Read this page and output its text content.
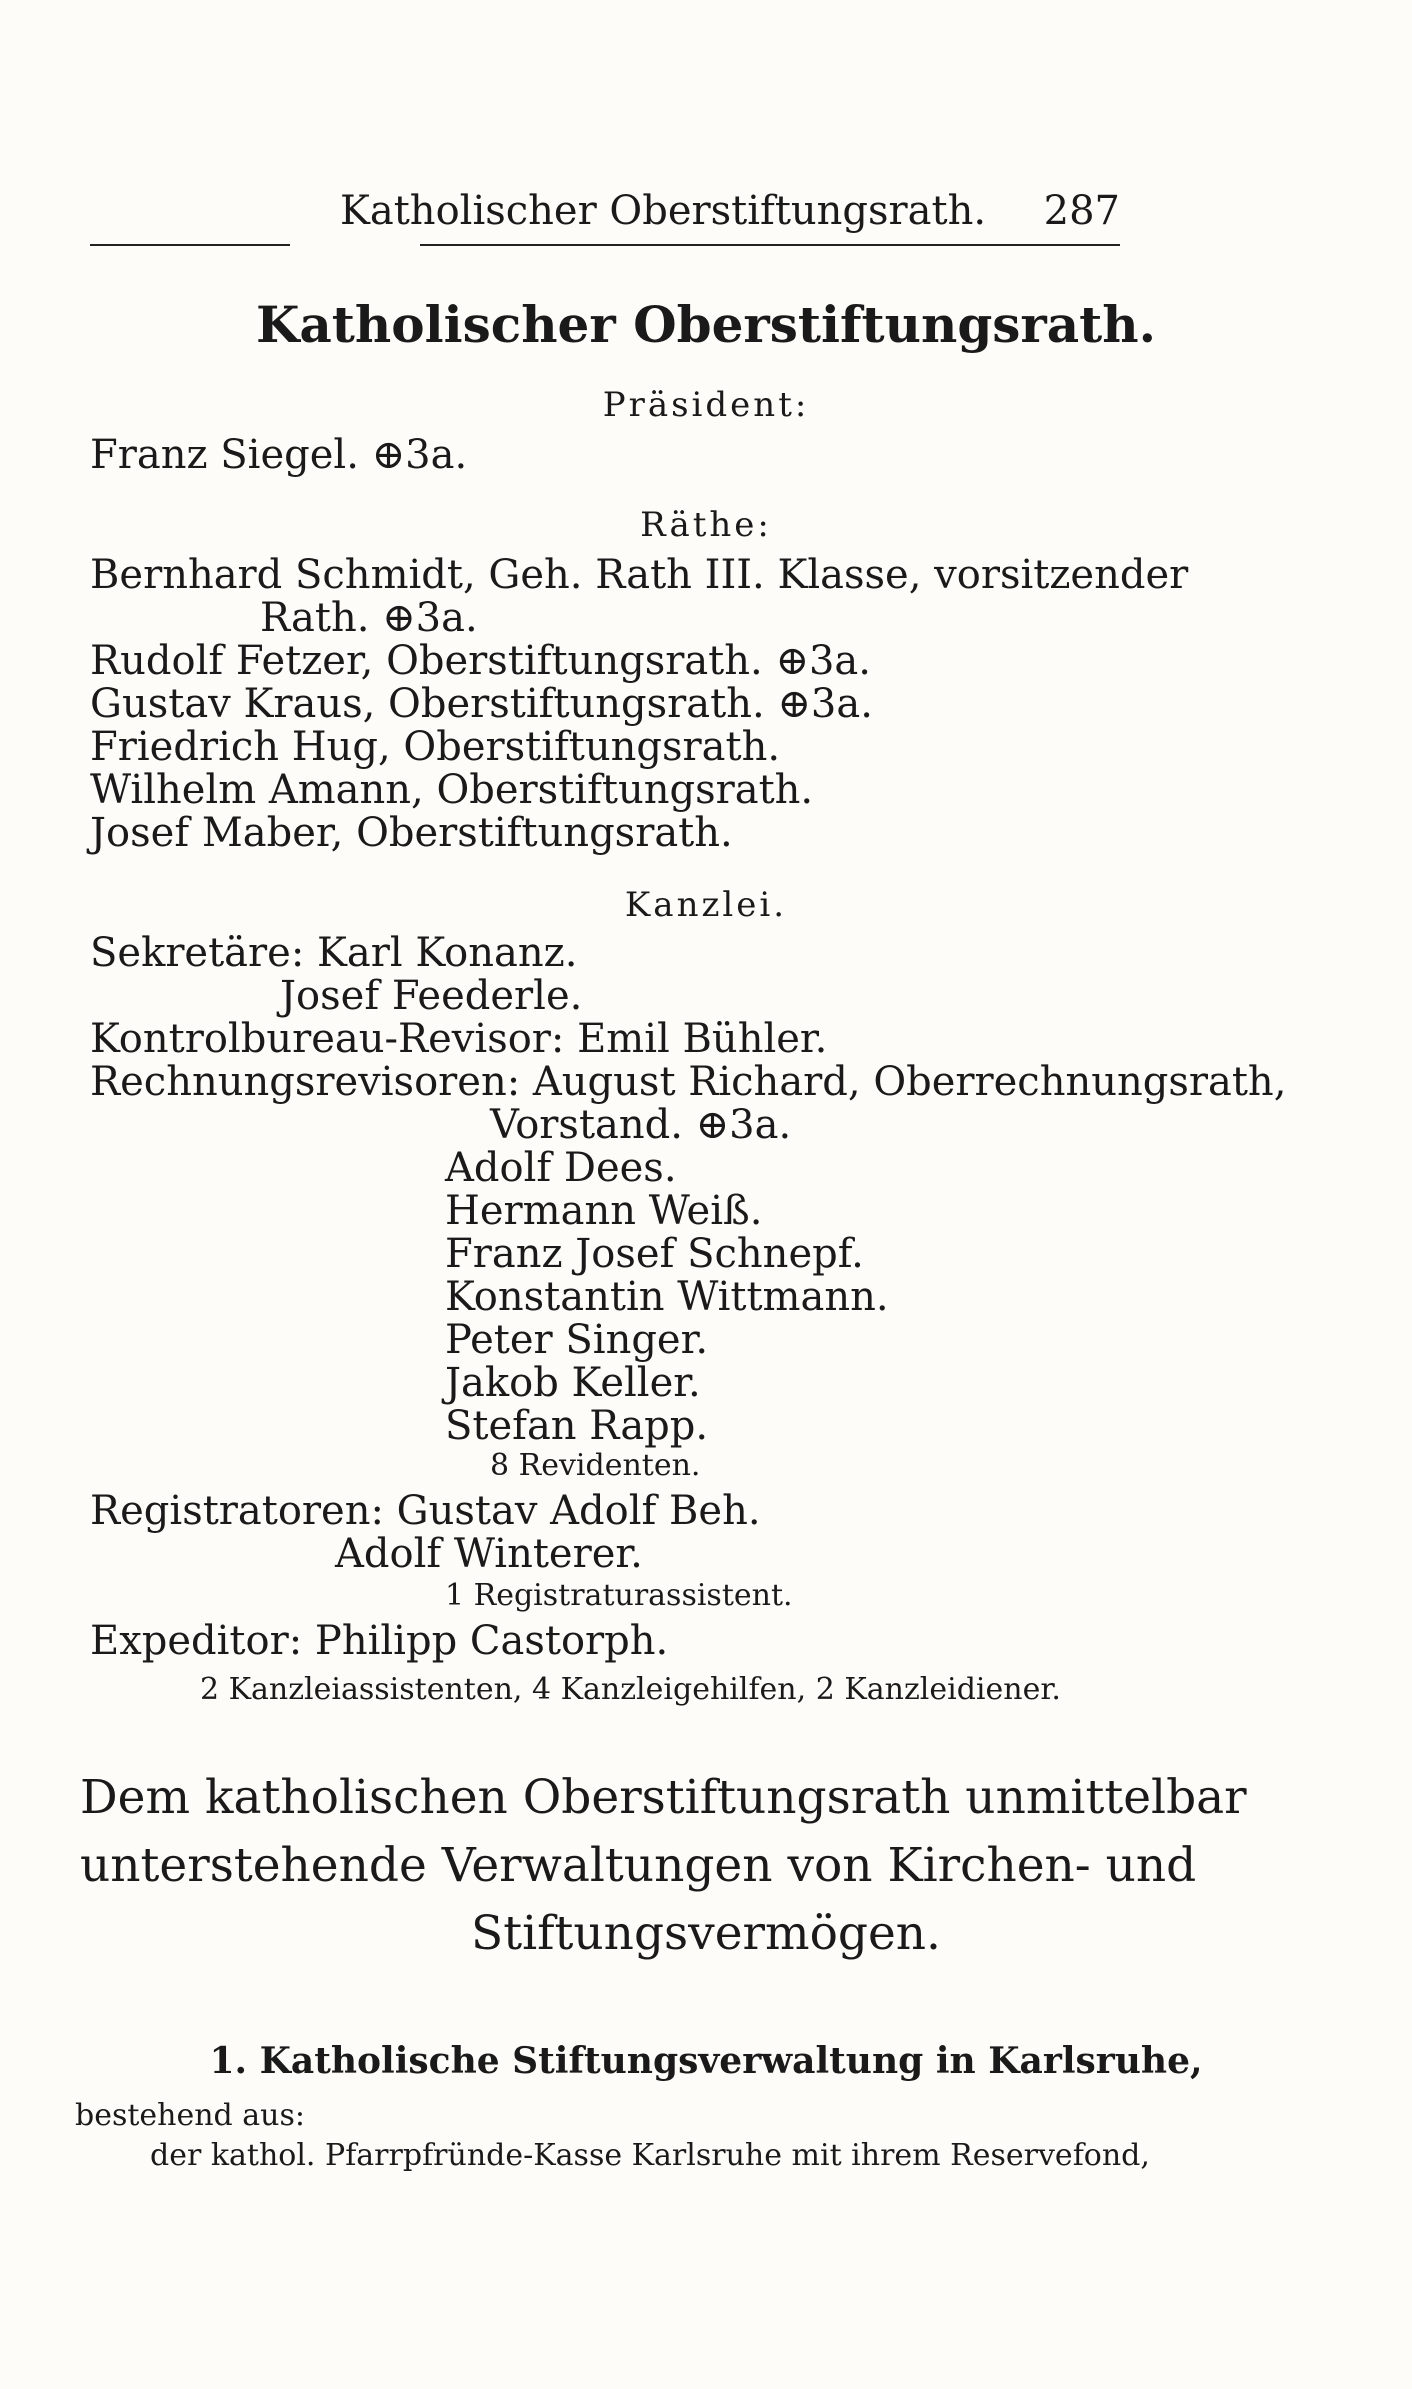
Katholischer Oberstiftungsrath. 287
Katholischer Oberstiftungsrath.
Präsident:
Franz Siegel. ⊕3a.
Räthe:
Bernhard Schmidt, Geh. Rath III. Klasse, vorsitzender
Rath. ⊕3a.
Rudolf Fetzer, Oberstiftungsrath. ⊕3a.
Gustav Kraus, Oberstiftungsrath. ⊕3a.
Friedrich Hug, Oberstiftungsrath.
Wilhelm Amann, Oberstiftungsrath.
Josef Maber, Oberstiftungsrath.
Kanzlei.
Sekretäre: Karl Konanz.
Josef Feederle.
Kontrolbureau-Revisor: Emil Bühler.
Rechnungsrevisoren: August Richard, Oberrechnungsrath,
Vorstand. ⊕3a.
Adolf Dees.
Hermann Weiß.
Franz Josef Schnepf.
Konstantin Wittmann.
Peter Singer.
Jakob Keller.
Stefan Rapp.
8 Revidenten.
Registratoren: Gustav Adolf Beh.
Adolf Winterer.
1 Registraturassistent.
Expeditor: Philipp Castorph.
2 Kanzleiassistenten, 4 Kanzleigehilfen, 2 Kanzleidiener.
Dem katholischen Oberstiftungsrath unmittelbar
unterstehende Verwaltungen von Kirchen- und
Stiftungsvermögen.
1. Katholische Stiftungsverwaltung in Karlsruhe,
bestehend aus:
der kathol. Pfarrpfründe-Kasse Karlsruhe mit ihrem Reservefond,
